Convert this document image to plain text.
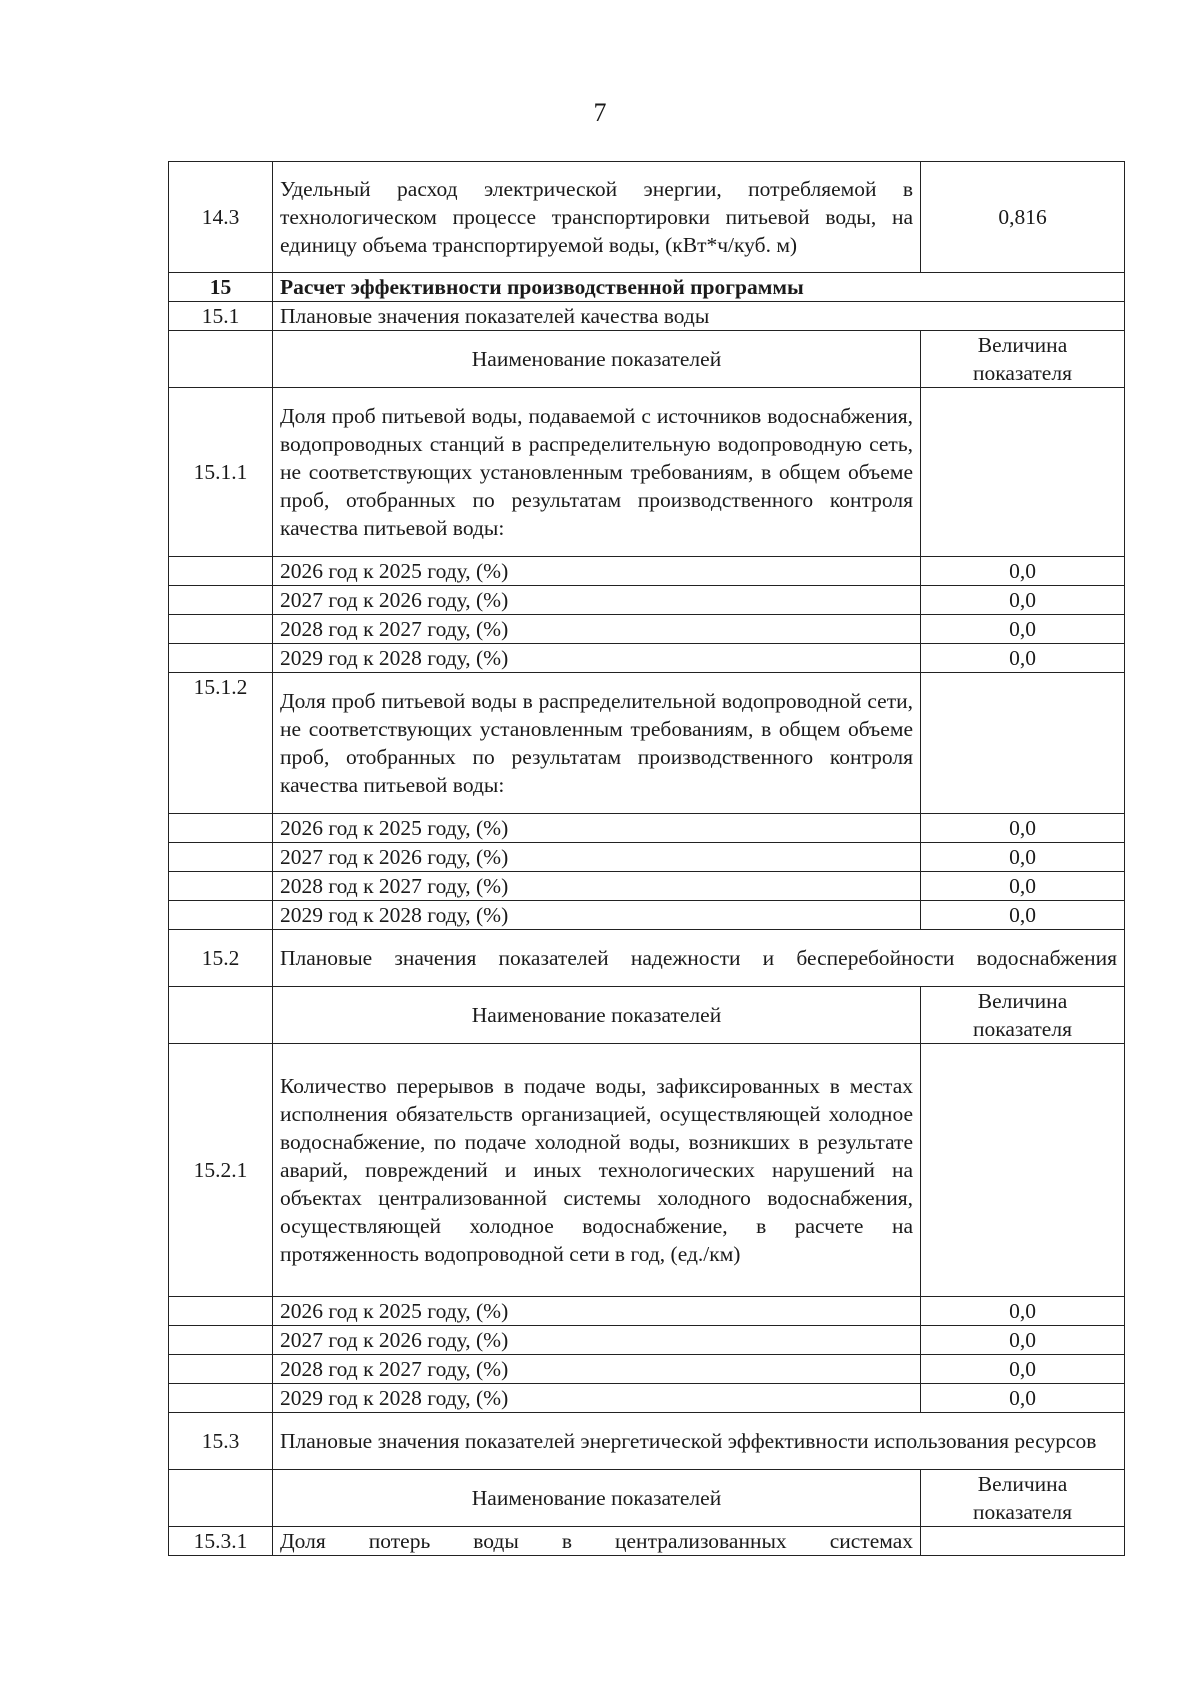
7
14.3	Удельный расход электрической энергии, потребляемой в технологическом процессе транспортировки питьевой воды, на единицу объема транспортируемой воды, (кВт*ч/куб. м)	0,816
15	Расчет эффективности производственной программы	
15.1	Плановые значения показателей качества воды	
	Наименование показателей	Величина показателя
15.1.1	Доля проб питьевой воды, подаваемой с источников водоснабжения, водопроводных станций в распределительную водопроводную сеть, не соответствующих установленным требованиям, в общем объеме проб, отобранных по результатам производственного контроля качества питьевой воды:	
	2026 год к 2025 году, (%)	0,0
	2027 год к 2026 году, (%)	0,0
	2028 год к 2027 году, (%)	0,0
	2029 год к 2028 году, (%)	0,0
15.1.2	Доля проб питьевой воды в распределительной водопроводной сети, не соответствующих установленным требованиям, в общем объеме проб, отобранных по результатам производственного контроля качества питьевой воды:	
	2026 год к 2025 году, (%)	0,0
	2027 год к 2026 году, (%)	0,0
	2028 год к 2027 году, (%)	0,0
	2029 год к 2028 году, (%)	0,0
15.2	Плановые значения показателей надежности и бесперебойности водоснабжения	
	Наименование показателей	Величина показателя
15.2.1	Количество перерывов в подаче воды, зафиксированных в местах исполнения обязательств организацией, осуществляющей холодное водоснабжение, по подаче холодной воды, возникших в результате аварий, повреждений и иных технологических нарушений на объектах централизованной системы холодного водоснабжения, осуществляющей холодное водоснабжение, в расчете на протяженность водопроводной сети в год, (ед./км)	
	2026 год к 2025 году, (%)	0,0
	2027 год к 2026 году, (%)	0,0
	2028 год к 2027 году, (%)	0,0
	2029 год к 2028 году, (%)	0,0
15.3	Плановые значения показателей энергетической эффективности использования ресурсов	
	Наименование показателей	Величина показателя
15.3.1	Доля потерь воды в централизованных системах	
